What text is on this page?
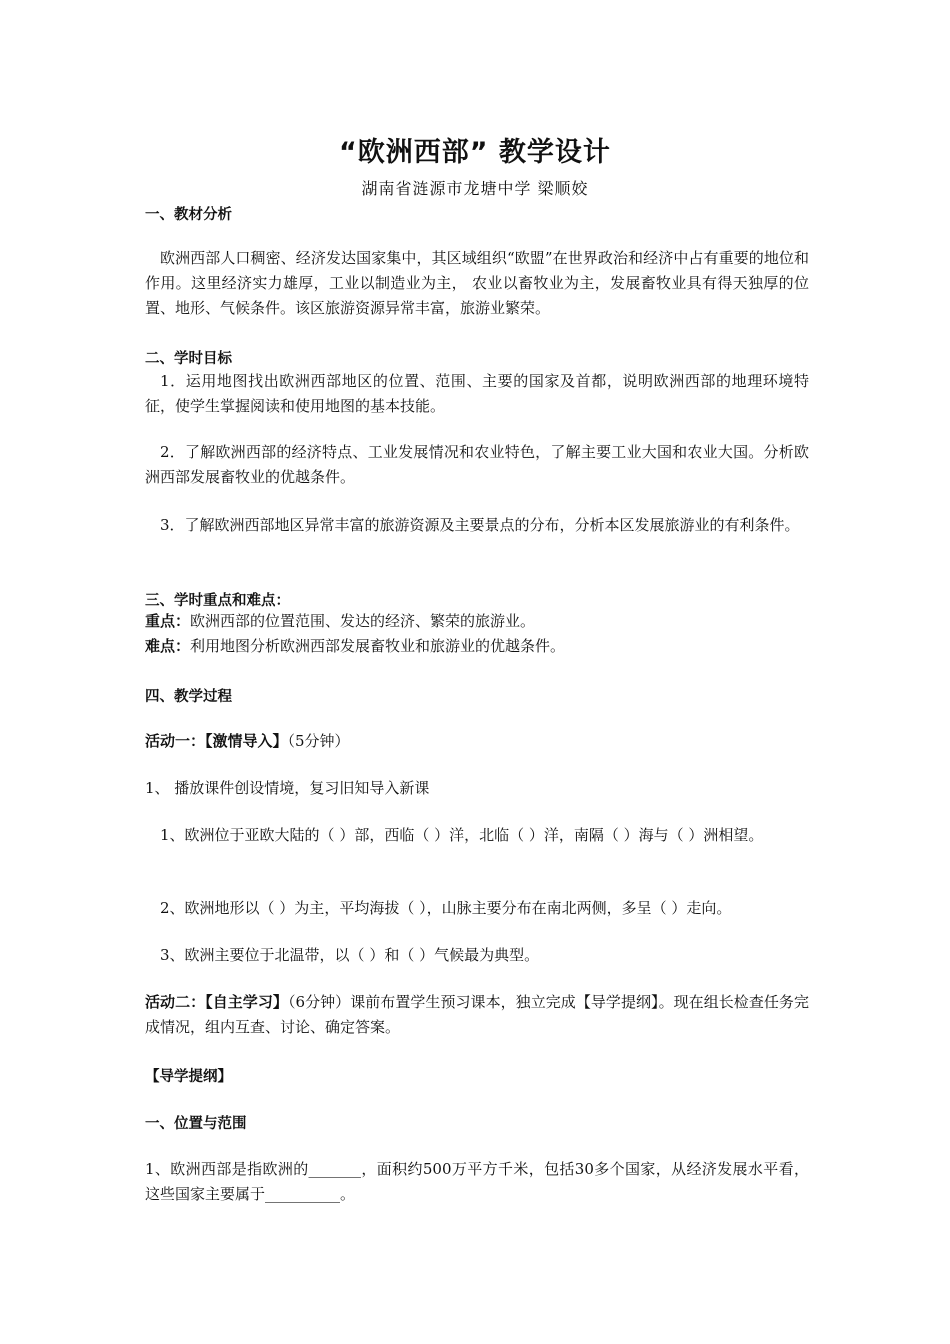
“欧洲西部” 教学设计
湖南省涟源市龙塘中学 梁顺姣
一、教材分析
欧洲西部人口稠密、经济发达国家集中，其区域组织“欧盟”在世界政治和经济中占有重要的地位和作用。这里经济实力雄厚，工业以制造业为主， 农业以畜牧业为主，发展畜牧业具有得天独厚的位置、地形、气候条件。该区旅游资源异常丰富，旅游业繁荣。
二、学时目标
1．运用地图找出欧洲西部地区的位置、范围、主要的国家及首都，说明欧洲西部的地理环境特征，使学生掌握阅读和使用地图的基本技能。
2．了解欧洲西部的经济特点、工业发展情况和农业特色，了解主要工业大国和农业大国。分析欧洲西部发展畜牧业的优越条件。
3．了解欧洲西部地区异常丰富的旅游资源及主要景点的分布，分析本区发展旅游业的有利条件。
三、学时重点和难点：
重点：欧洲西部的位置范围、发达的经济、繁荣的旅游业。
难点：利用地图分析欧洲西部发展畜牧业和旅游业的优越条件。
四、教学过程
活动一：【激情导入】（5分钟）
1、 播放课件创设情境，复习旧知导入新课
1、欧洲位于亚欧大陆的（ ）部，西临（ ）洋，北临（ ）洋，南隔（ ）海与（ ）洲相望。
2、欧洲地形以（ ）为主，平均海拔（ ），山脉主要分布在南北两侧，多呈（ ）走向。
3、欧洲主要位于北温带，以（ ）和（ ）气候最为典型。
活动二：【自主学习】（6分钟）课前布置学生预习课本，独立完成【导学提纲】。现在组长检查任务完成情况，组内互查、讨论、确定答案。
【导学提纲】
一、位置与范围
1、欧洲西部是指欧洲的_______，面积约500万平方千米，包括30多个国家，从经济发展水平看，这些国家主要属于__________。
